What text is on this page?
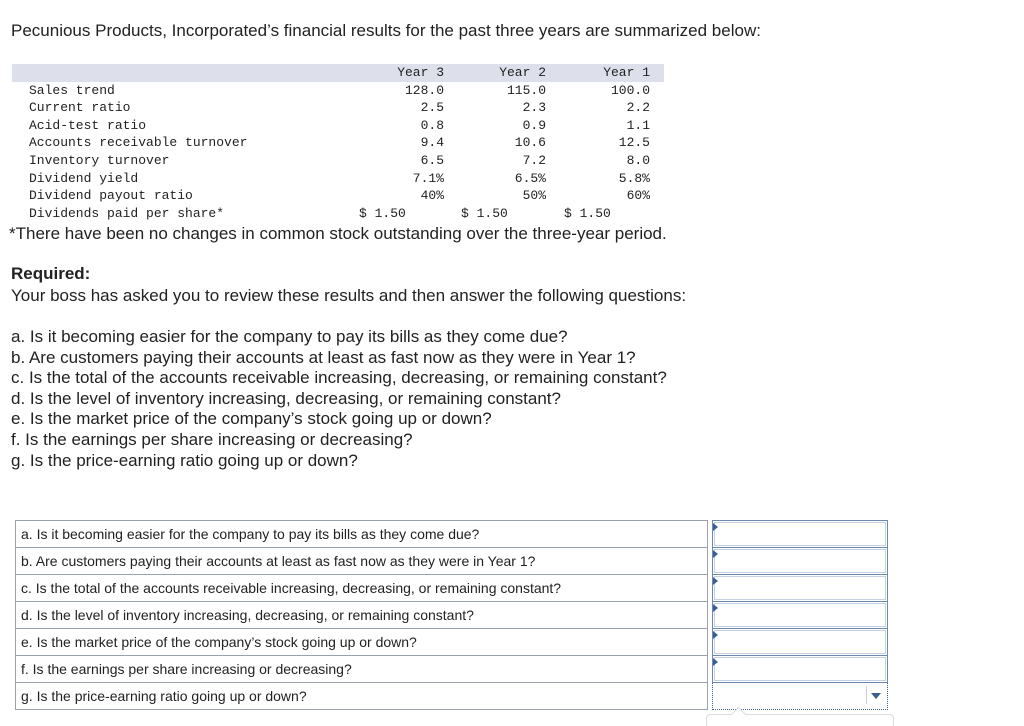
Pecunious Products, Incorporated’s financial results for the past three years are summarized below:

	Year 3	Year 2	Year 1
Sales trend	128.0	115.0	100.0
Current ratio	2.5	2.3	2.2
Acid-test ratio	0.8	0.9	1.1
Accounts receivable turnover	9.4	10.6	12.5
Inventory turnover	6.5	7.2	8.0
Dividend yield	7.1%	6.5%	5.8%
Dividend payout ratio	40%	50%	60%
Dividends paid per share*	$ 1.50	$ 1.50	$ 1.50

*There have been no changes in common stock outstanding over the three-year period.

Required:

Your boss has asked you to review these results and then answer the following questions:

a. Is it becoming easier for the company to pay its bills as they come due?
b. Are customers paying their accounts at least as fast now as they were in Year 1?
c. Is the total of the accounts receivable increasing, decreasing, or remaining constant?
d. Is the level of inventory increasing, decreasing, or remaining constant?
e. Is the market price of the company’s stock going up or down?
f. Is the earnings per share increasing or decreasing?
g. Is the price-earning ratio going up or down?
a. Is it becoming easier for the company to pay its bills as they come due?		

b. Are customers paying their accounts at least as fast now as they were in Year 1?		

c. Is the total of the accounts receivable increasing, decreasing, or remaining constant?		

d. Is the level of inventory increasing, decreasing, or remaining constant?		

e. Is the market price of the company’s stock going up or down?		

f. Is the earnings per share increasing or decreasing?		

g. Is the price-earning ratio going up or down?		
